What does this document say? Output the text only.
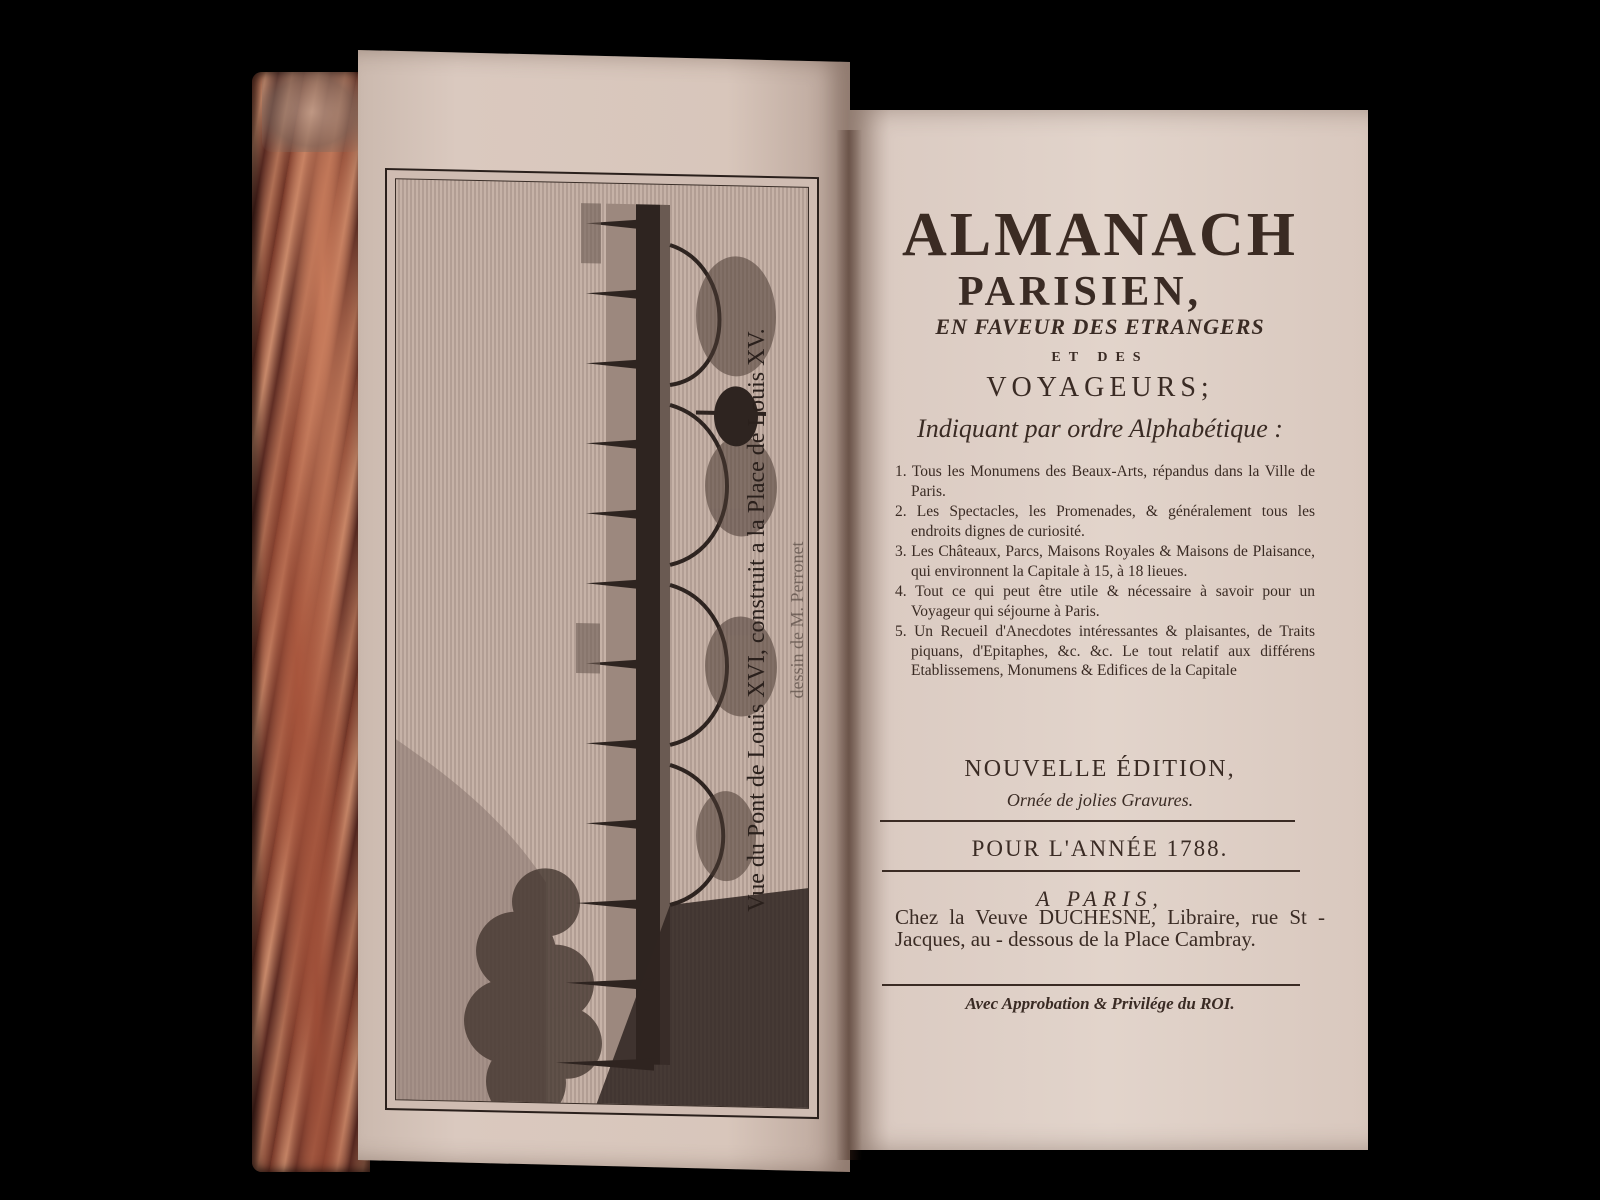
Vue du Pont de Louis XVI, construit a la Place de Louis XV. dessin de M. Perronet
ALMANACH
PARISIEN,
EN FAVEUR DES ETRANGERS
ET DES
VOYAGEURS;
Indiquant par ordre Alphabétique :
1. Tous les Monumens des Beaux-Arts, répandus dans la Ville de Paris.
2. Les Spectacles, les Promenades, & généralement tous les endroits dignes de curiosité.
3. Les Châteaux, Parcs, Maisons Royales & Maisons de Plaisance, qui environnent la Capitale à 15, à 18 lieues.
4. Tout ce qui peut être utile & nécessaire à savoir pour un Voyageur qui séjourne à Paris.
5. Un Recueil d'Anecdotes intéressantes & plaisantes, de Traits piquans, d'Epitaphes, &c. &c. Le tout relatif aux différens Etablissemens, Monumens & Edifices de la Capitale
NOUVELLE ÉDITION,
Ornée de jolies Gravures.
POUR L'ANNÉE 1788.
A PARIS,
Chez la Veuve DUCHESNE, Libraire, rue St - Jacques, au - dessous de la Place Cambray.
Avec Approbation & Privilége du ROI.
